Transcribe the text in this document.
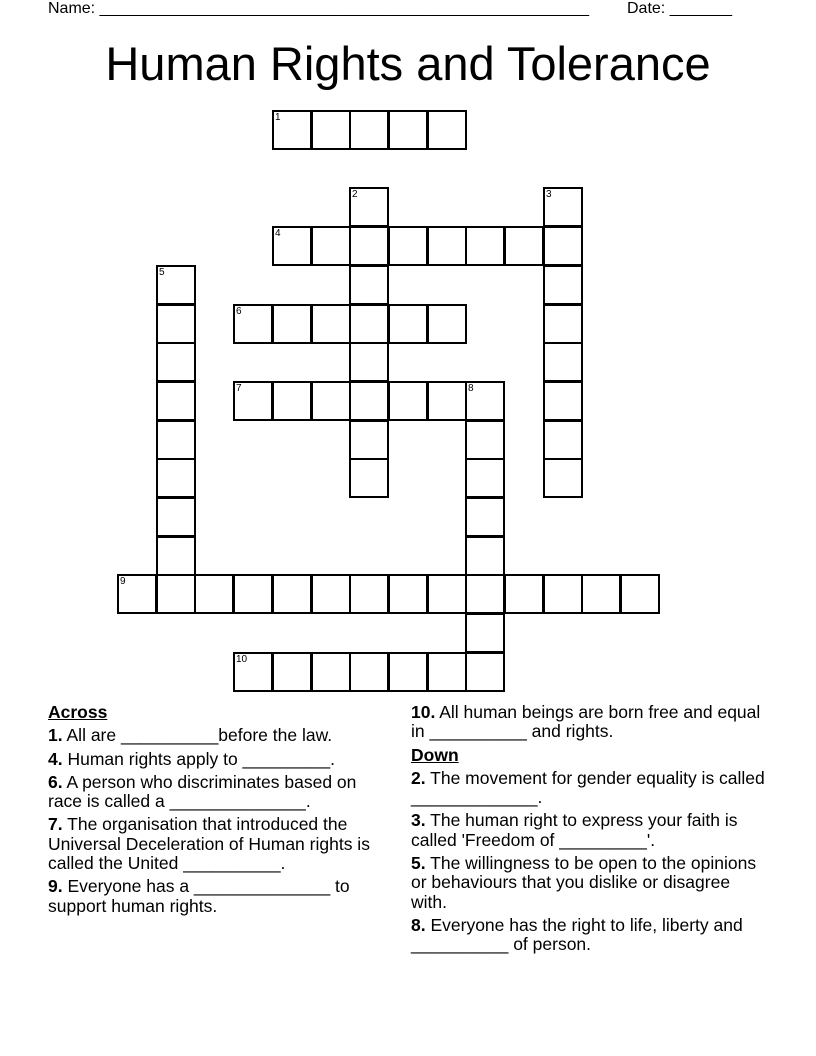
Name: _______________________________________________________ Date: _______
Human Rights and Tolerance
1
2	3
4
5
6
7	8
9
10
Across
1. All are __________before the law.
4. Human rights apply to _________.
6. A person who discriminates based on race is called a ______________.
7. The organisation that introduced the Universal Deceleration of Human rights is called the United __________.
9. Everyone has a ______________ to support human rights.
10. All human beings are born free and equal in __________ and rights.
Down
2. The movement for gender equality is called _____________.
3. The human right to express your faith is called 'Freedom of _________'.
5. The willingness to be open to the opinions or behaviours that you dislike or disagree with.
8. Everyone has the right to life, liberty and __________ of person.
